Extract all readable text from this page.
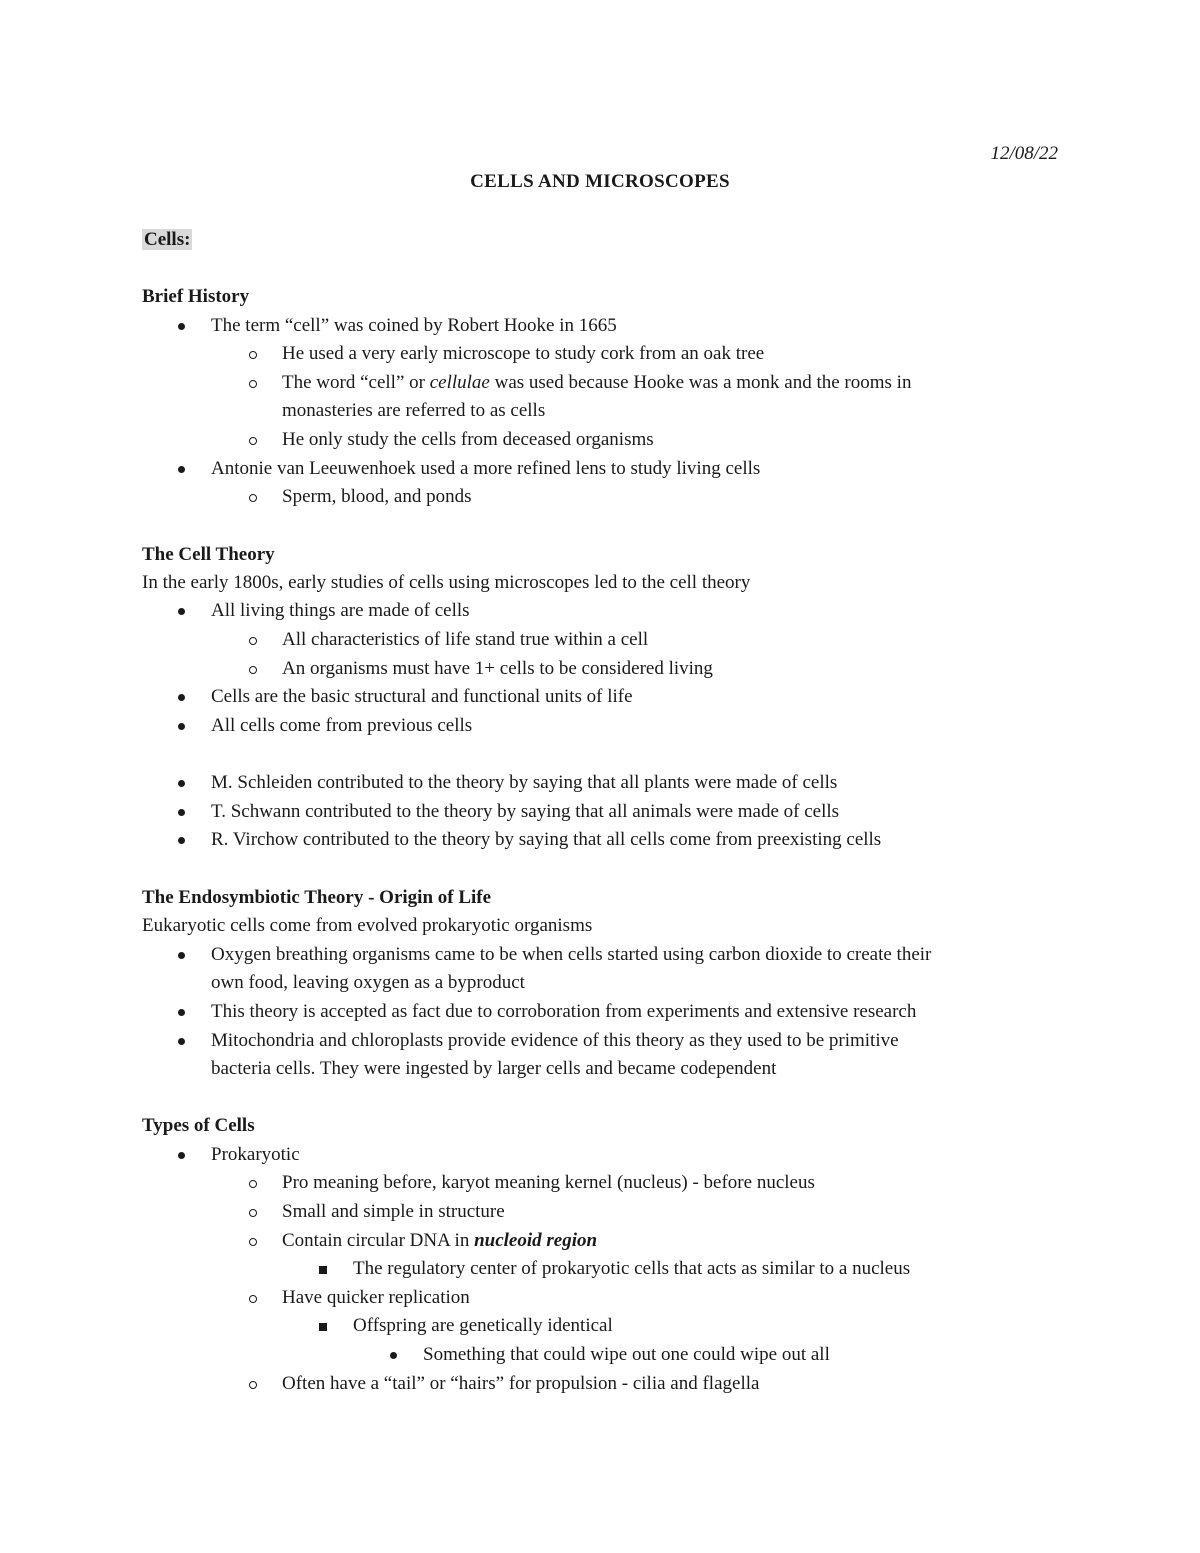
12/08/22
CELLS AND MICROSCOPES
Cells:
Brief History
The term “cell” was coined by Robert Hooke in 1665
He used a very early microscope to study cork from an oak tree
The word “cell” or cellulae was used because Hooke was a monk and the rooms in
monasteries are referred to as cells
He only study the cells from deceased organisms
Antonie van Leeuwenhoek used a more refined lens to study living cells
Sperm, blood, and ponds
The Cell Theory
In the early 1800s, early studies of cells using microscopes led to the cell theory
All living things are made of cells
All characteristics of life stand true within a cell
An organisms must have 1+ cells to be considered living
Cells are the basic structural and functional units of life
All cells come from previous cells
M. Schleiden contributed to the theory by saying that all plants were made of cells
T. Schwann contributed to the theory by saying that all animals were made of cells
R. Virchow contributed to the theory by saying that all cells come from preexisting cells
The Endosymbiotic Theory - Origin of Life
Eukaryotic cells come from evolved prokaryotic organisms
Oxygen breathing organisms came to be when cells started using carbon dioxide to create their
own food, leaving oxygen as a byproduct
This theory is accepted as fact due to corroboration from experiments and extensive research
Mitochondria and chloroplasts provide evidence of this theory as they used to be primitive
bacteria cells. They were ingested by larger cells and became codependent
Types of Cells
Prokaryotic
Pro meaning before, karyot meaning kernel (nucleus) - before nucleus
Small and simple in structure
Contain circular DNA in nucleoid region
The regulatory center of prokaryotic cells that acts as similar to a nucleus
Have quicker replication
Offspring are genetically identical
Something that could wipe out one could wipe out all
Often have a “tail” or “hairs” for propulsion - cilia and flagella
